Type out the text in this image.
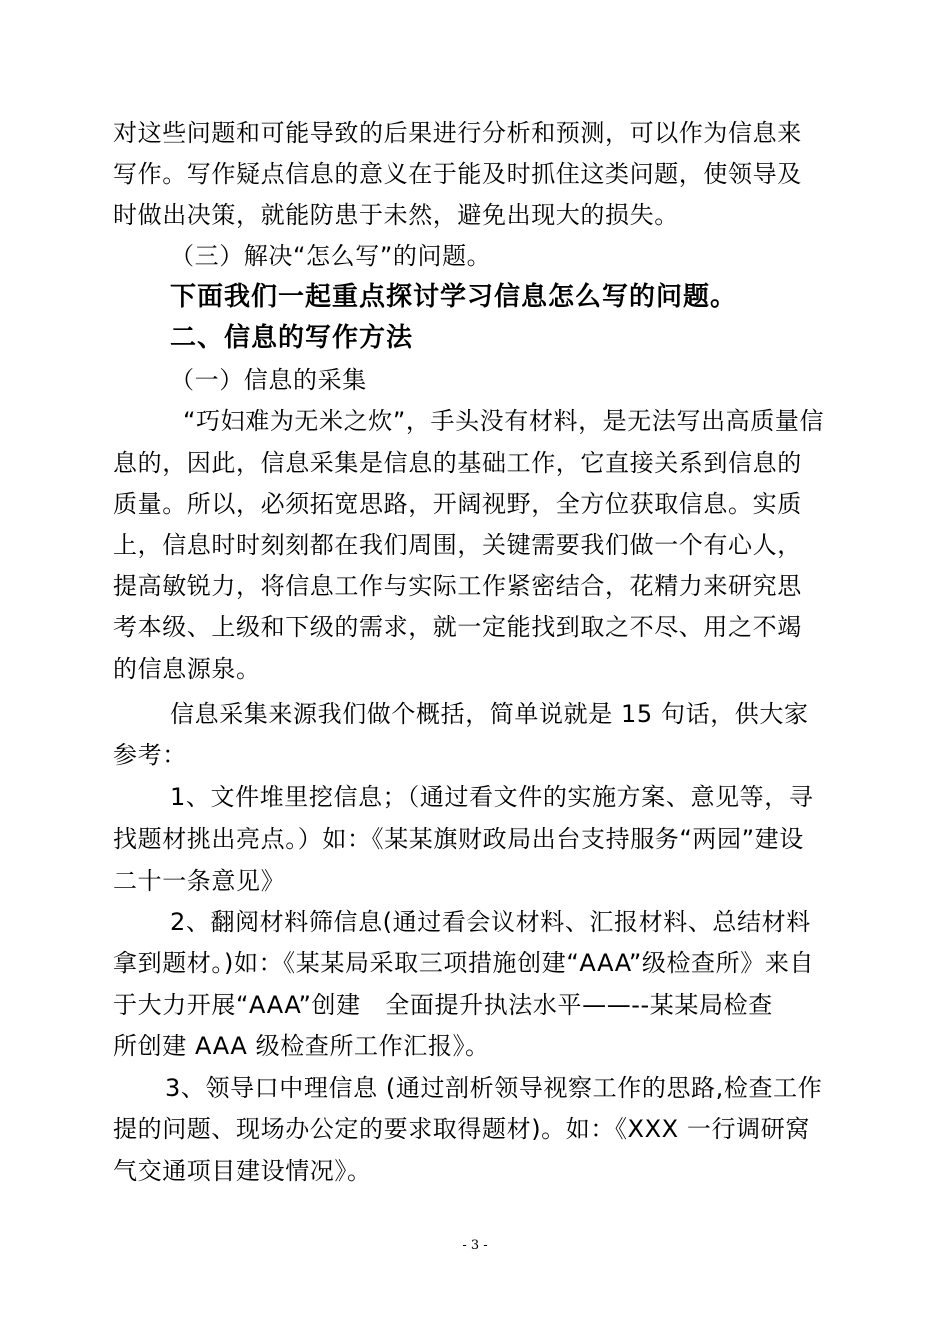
对这些问题和可能导致的后果进行分析和预测，可以作为信息来
写作。写作疑点信息的意义在于能及时抓住这类问题，使领导及
时做出决策，就能防患于未然，避免出现大的损失。
（三）解决“怎么写”的问题。
下面我们一起重点探讨学习信息怎么写的问题。
二、信息的写作方法
（一）信息的采集
“巧妇难为无米之炊”，手头没有材料，是无法写出高质量信
息的，因此，信息采集是信息的基础工作，它直接关系到信息的
质量。所以，必须拓宽思路，开阔视野，全方位获取信息。实质
上，信息时时刻刻都在我们周围，关键需要我们做一个有心人，
提高敏锐力，将信息工作与实际工作紧密结合，花精力来研究思
考本级、上级和下级的需求，就一定能找到取之不尽、用之不竭
的信息源泉。
信息采集来源我们做个概括，简单说就是 15 句话，供大家
参考：
1、文件堆里挖信息；（通过看文件的实施方案、意见等，寻
找题材挑出亮点。）如：《某某旗财政局出台支持服务“两园”建设
二十一条意见》
2、翻阅材料筛信息(通过看会议材料、汇报材料、总结材料
拿到题材。)如：《某某局采取三项措施创建“AAA”级检查所》来自
于大力开展“AAA”创建　全面提升执法水平——--某某局检查
所创建 AAA 级检查所工作汇报》。
3、领导口中理信息 (通过剖析领导视察工作的思路,检查工作
提的问题、现场办公定的要求取得题材)。如：《XXX 一行调研窝
气交通项目建设情况》。
- 3 -
